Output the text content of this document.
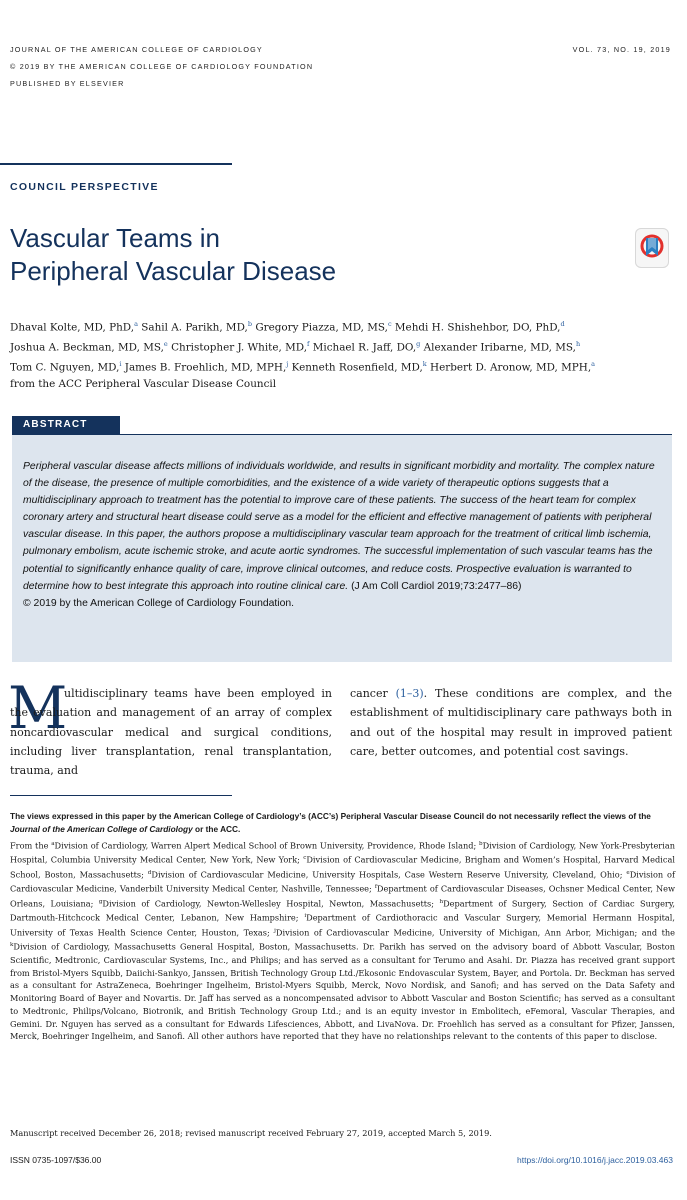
JOURNAL OF THE AMERICAN COLLEGE OF CARDIOLOGY
© 2019 BY THE AMERICAN COLLEGE OF CARDIOLOGY FOUNDATION
PUBLISHED BY ELSEVIER
VOL. 73, NO. 19, 2019
COUNCIL PERSPECTIVE
Vascular Teams in
Peripheral Vascular Disease
Dhaval Kolte, MD, PhD,$^a$ Sahil A. Parikh, MD,$^b$ Gregory Piazza, MD, MS,$^c$ Mehdi H. Shishehbor, DO, PhD,$^d$
Joshua A. Beckman, MD, MS,$^e$ Christopher J. White, MD,$^f$ Michael R. Jaff, DO,$^g$ Alexander Iribarne, MD, MS,$^h$
Tom C. Nguyen, MD,$^i$ James B. Froehlich, MD, MPH,$^j$ Kenneth Rosenfield, MD,$^k$ Herbert D. Aronow, MD, MPH,$^a$
from the ACC Peripheral Vascular Disease Council
ABSTRACT
Peripheral vascular disease affects millions of individuals worldwide, and results in significant morbidity and mortality. The complex nature of the disease, the presence of multiple comorbidities, and the existence of a wide variety of therapeutic options suggests that a multidisciplinary approach to treatment has the potential to improve care of these patients. The success of the heart team for complex coronary artery and structural heart disease could serve as a model for the efficient and effective management of patients with peripheral vascular disease. In this paper, the authors propose a multidisciplinary vascular team approach for the treatment of critical limb ischemia, pulmonary embolism, acute ischemic stroke, and acute aortic syndromes. The successful implementation of such vascular teams has the potential to significantly enhance quality of care, improve clinical outcomes, and reduce costs. Prospective evaluation is warranted to determine how to best integrate this approach into routine clinical care. (J Am Coll Cardiol 2019;73:2477–86)
© 2019 by the American College of Cardiology Foundation.
M
ultidisciplinary teams have been employed in the evaluation and management of an array of complex noncardiovascular medical and surgical conditions, including liver transplantation, renal transplantation, trauma, and
cancer (1–3). These conditions are complex, and the establishment of multidisciplinary care pathways both in and out of the hospital may result in improved patient care, better outcomes, and potential cost savings.
The views expressed in this paper by the American College of Cardiology’s (ACC’s) Peripheral Vascular Disease Council do not necessarily reflect the views of the Journal of the American College of Cardiology or the ACC.
From the $^a$Division of Cardiology, Warren Alpert Medical School of Brown University, Providence, Rhode Island; $^b$Division of Cardiology, New York-Presbyterian Hospital, Columbia University Medical Center, New York, New York; $^c$Division of Cardiovascular Medicine, Brigham and Women’s Hospital, Harvard Medical School, Boston, Massachusetts; $^d$Division of Cardiovascular Medicine, University Hospitals, Case Western Reserve University, Cleveland, Ohio; $^e$Division of Cardiovascular Medicine, Vanderbilt University Medical Center, Nashville, Tennessee; $^f$Department of Cardiovascular Diseases, Ochsner Medical Center, New Orleans, Louisiana; $^g$Division of Cardiology, Newton-Wellesley Hospital, Newton, Massachusetts; $^h$Department of Surgery, Section of Cardiac Surgery, Dartmouth-Hitchcock Medical Center, Lebanon, New Hampshire; $^i$Department of Cardiothoracic and Vascular Surgery, Memorial Hermann Hospital, University of Texas Health Science Center, Houston, Texas; $^j$Division of Cardiovascular Medicine, University of Michigan, Ann Arbor, Michigan; and the $^k$Division of Cardiology, Massachusetts General Hospital, Boston, Massachusetts. Dr. Parikh has served on the advisory board of Abbott Vascular, Boston Scientific, Medtronic, Cardiovascular Systems, Inc., and Philips; and has served as a consultant for Terumo and Asahi. Dr. Piazza has received grant support from Bristol-Myers Squibb, Daiichi-Sankyo, Janssen, British Technology Group Ltd./Ekosonic Endovascular System, Bayer, and Portola. Dr. Beckman has served as a consultant for AstraZeneca, Boehringer Ingelheim, Bristol-Myers Squibb, Merck, Novo Nordisk, and Sanofi; and has served on the Data Safety and Monitoring Board of Bayer and Novartis. Dr. Jaff has served as a noncompensated advisor to Abbott Vascular and Boston Scientific; has served as a consultant to Medtronic, Philips/Volcano, Biotronik, and British Technology Group Ltd.; and is an equity investor in Embolitech, eFemoral, Vascular Therapies, and Gemini. Dr. Nguyen has served as a consultant for Edwards Lifesciences, Abbott, and LivaNova. Dr. Froehlich has served as a consultant for Pfizer, Janssen, Merck, Boehringer Ingelheim, and Sanofi. All other authors have reported that they have no relationships relevant to the contents of this paper to disclose.
Manuscript received December 26, 2018; revised manuscript received February 27, 2019, accepted March 5, 2019.
ISSN 0735-1097/$36.00	https://doi.org/10.1016/j.jacc.2019.03.463
